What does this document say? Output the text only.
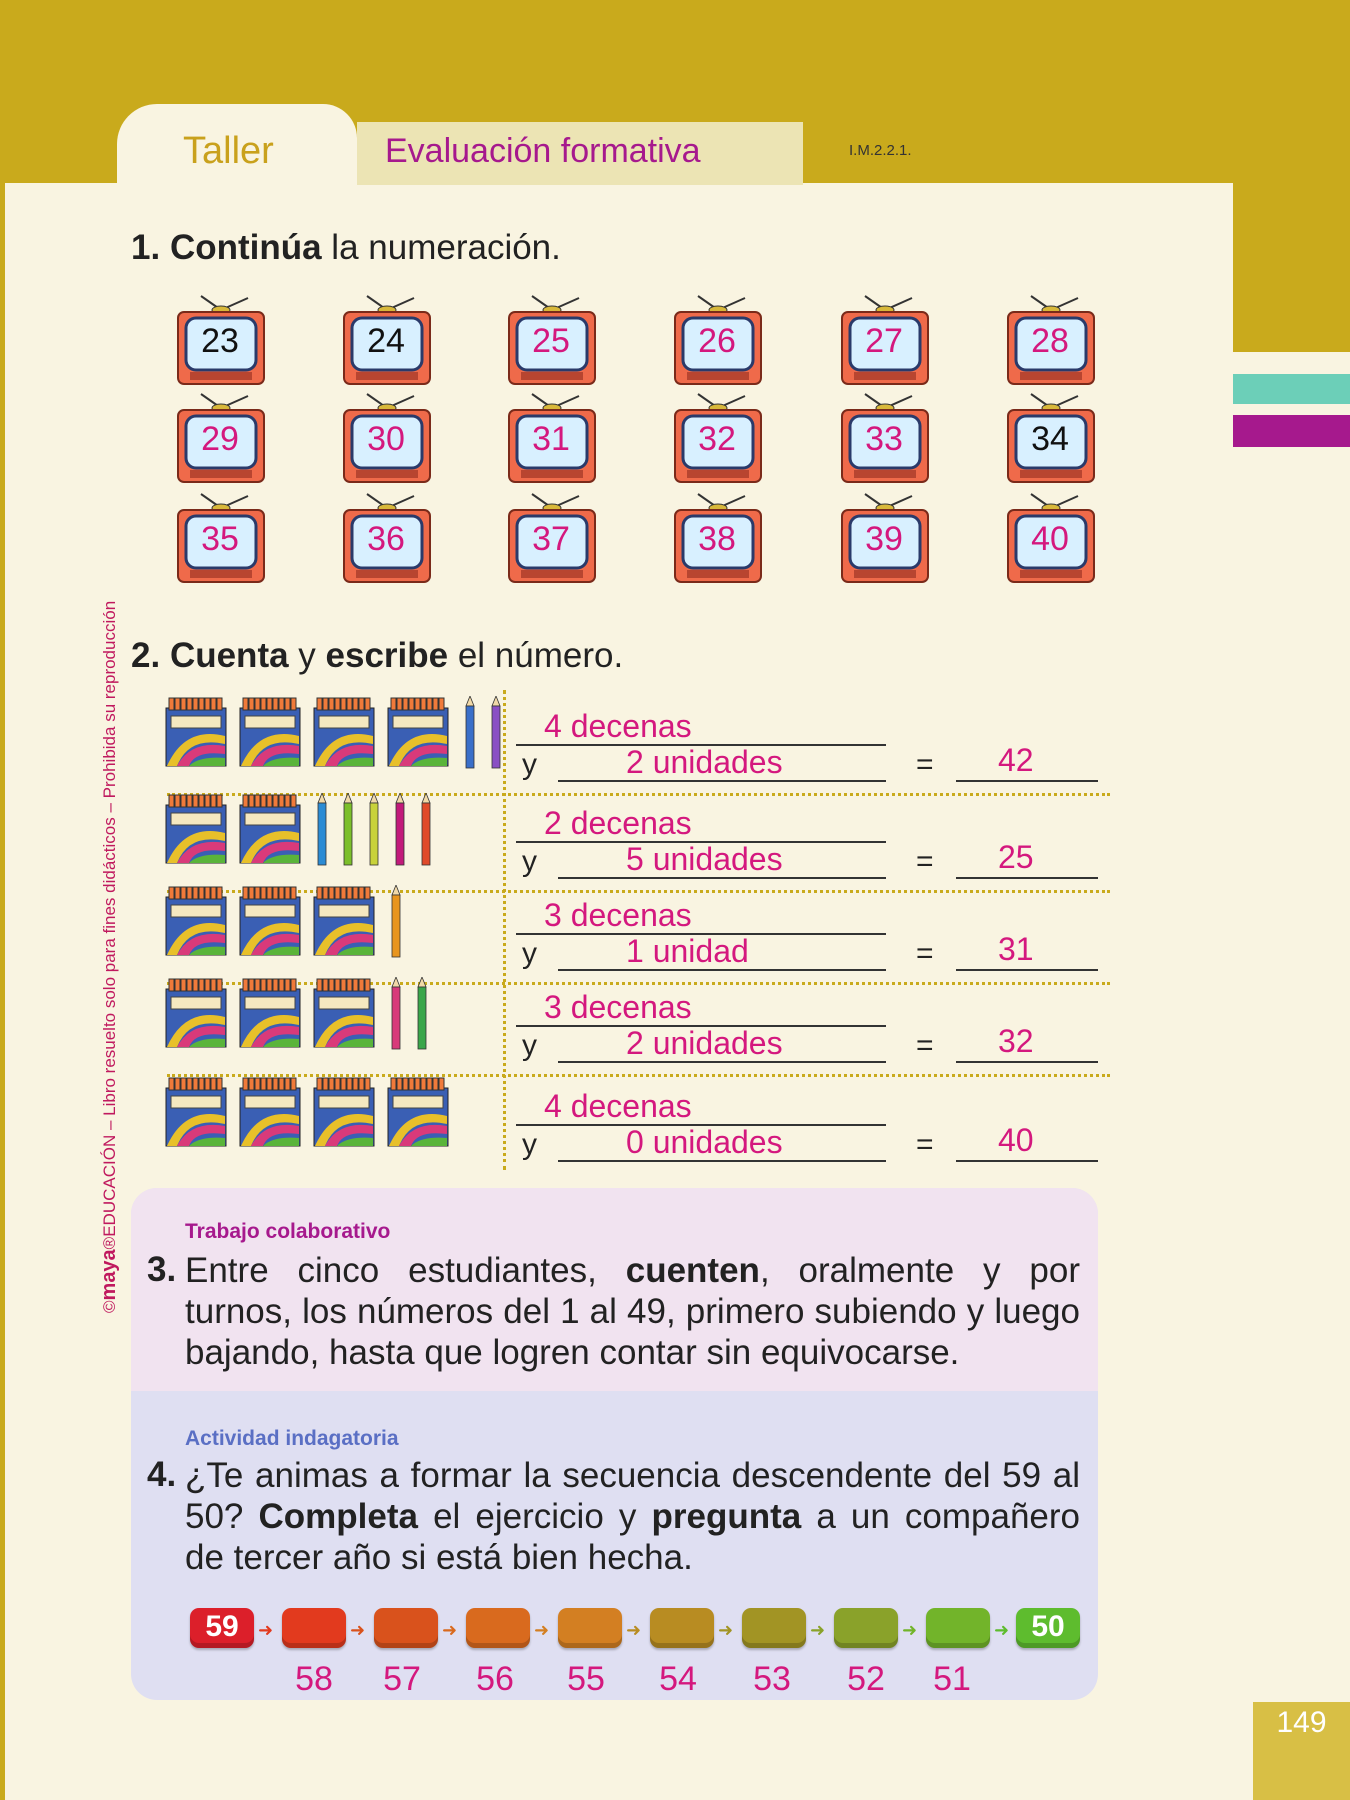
Taller	Evaluación formativa	I.M.2.2.1.
©maya®EDUCACIÓN – Libro resuelto solo para fines didácticos – Prohibida su reproducción
149
1. Continúa la numeración.
23	24	25	26	27	28
29	30	31	32	33	34
35	36	37	38	39	40
2. Cuenta y escribe el número.
4 decenas
y	2 unidades	= 42
2 decenas
y	5 unidades	= 25
3 decenas
y	1 unidad	= 31
3 decenas
y	2 unidades	= 32
4 decenas
y	0 unidades	= 40
Trabajo colaborativo
3. Entre cinco estudiantes, cuenten, oralmente y por turnos, los números del 1 al 49, primero subiendo y luego bajando, hasta que logren contar sin equivocarse.
Actividad indagatoria
4. ¿Te animas a formar la secuencia descendente del 59 al 50? Completa el ejercicio y pregunta a un compañero de tercer año si está bien hecha.
59	➜	➜	➜	➜	➜	➜	➜	➜	➜ 50
58	57	56	55	54	53	52	51
